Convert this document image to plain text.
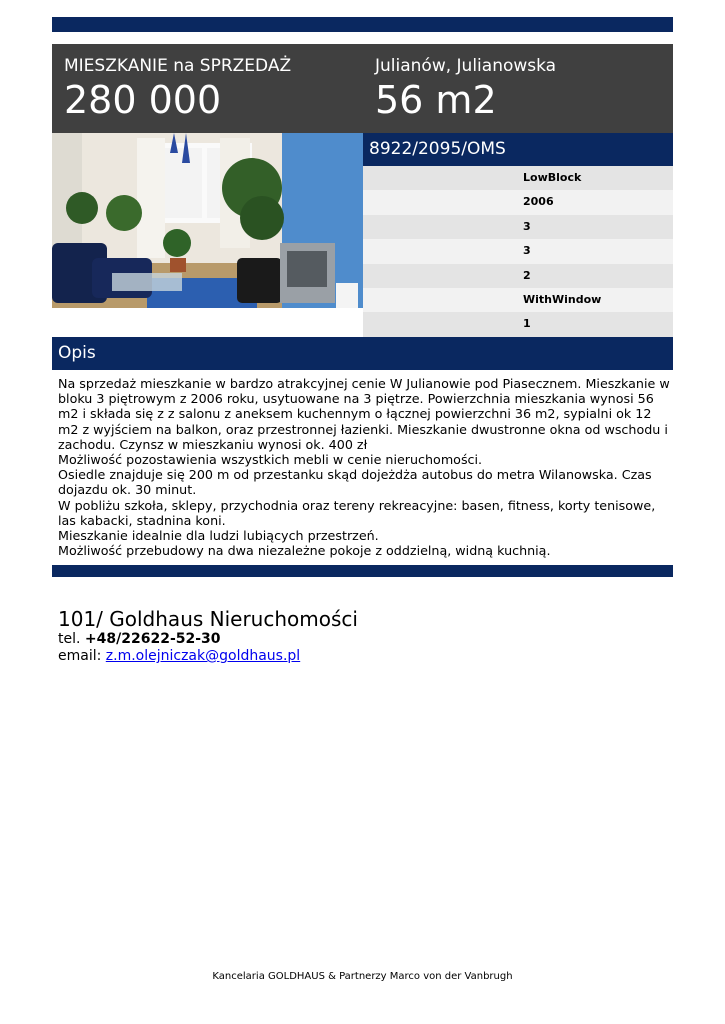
MIESZKANIE na SPRZEDAŻ
280 000
Julianów, Julianowska
56 m2
8922/2095/OMS
LowBlock
2006
3
3
2
WithWindow
1
Opis

Na sprzedaż mieszkanie w bardzo atrakcyjnej cenie W Julianowie pod Piasecznem. Mieszkanie w bloku 3 piętrowym z 2006 roku, usytuowane na 3 piętrze. Powierzchnia mieszkania wynosi 56 m2 i składa się z z salonu z aneksem kuchennym o łącznej powierzchni 36 m2, sypialni ok 12 m2 z wyjściem na balkon, oraz przestronnej łazienki. Mieszkanie dwustronne okna od wschodu i zachodu. Czynsz w mieszkaniu wynosi ok. 400 zł

Możliwość pozostawienia wszystkich mebli w cenie nieruchomości.

Osiedle znajduje się 200 m od przestanku skąd dojeżdża autobus do metra Wilanowska. Czas dojazdu ok. 30 minut.

W pobliżu szkoła, sklepy, przychodnia oraz tereny rekreacyjne: basen, fitness, korty tenisowe, las kabacki, stadnina koni.

Mieszkanie idealnie dla ludzi lubiących przestrzeń.

Możliwość przebudowy na dwa niezależne pokoje z oddzielną, widną kuchnią.

101/ Goldhaus Nieruchomości
tel. +48/22622-52-30
email: z.m.olejniczak@goldhaus.pl
Kancelaria GOLDHAUS & Partnerzy Marco von der Vanbrugh
